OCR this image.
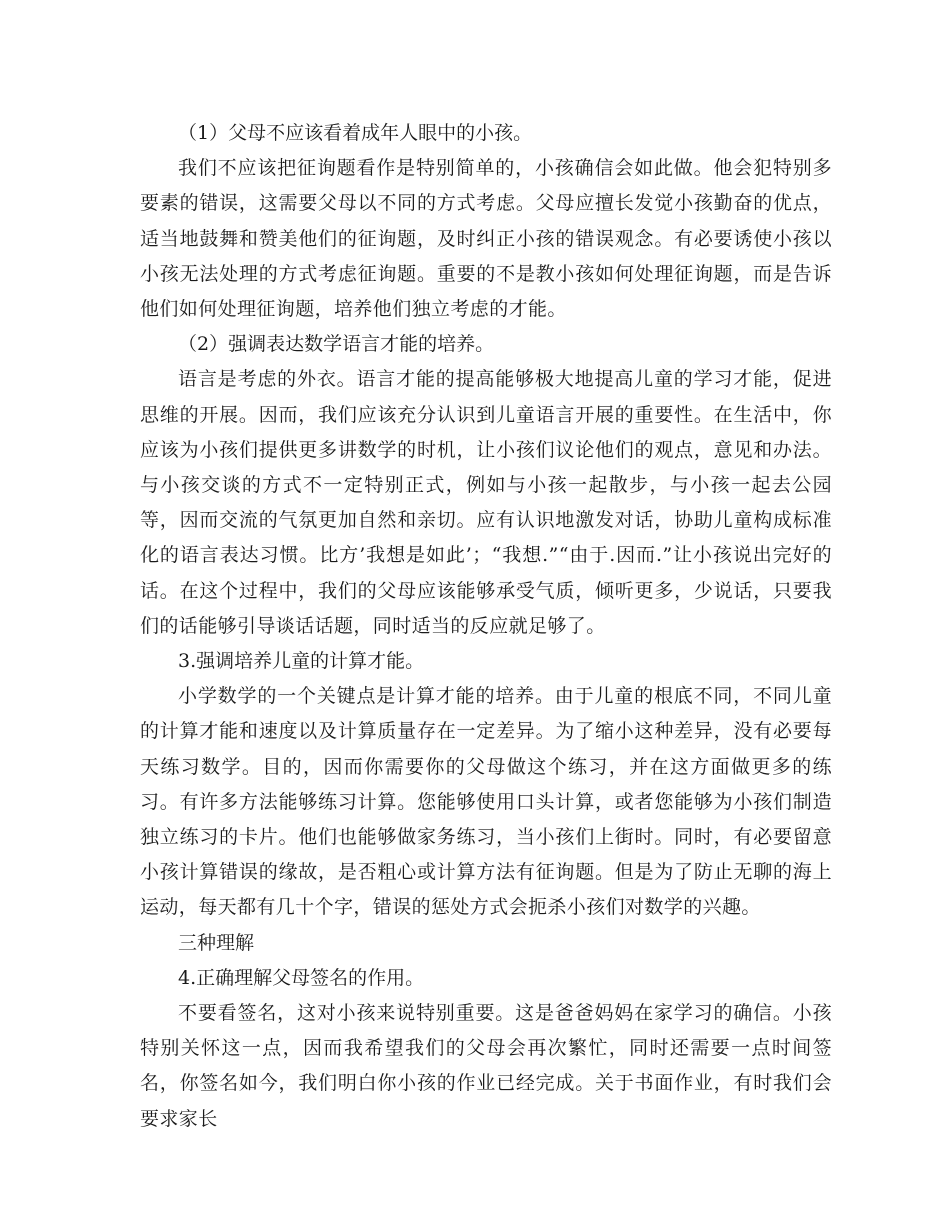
（1）父母不应该看着成年人眼中的小孩。

我们不应该把征询题看作是特别简单的，小孩确信会如此做。他会犯特别多要素的错误，这需要父母以不同的方式考虑。父母应擅长发觉小孩勤奋的优点，适当地鼓舞和赞美他们的征询题，及时纠正小孩的错误观念。有必要诱使小孩以小孩无法处理的方式考虑征询题。重要的不是教小孩如何处理征询题，而是告诉他们如何处理征询题，培养他们独立考虑的才能。

（2）强调表达数学语言才能的培养。

语言是考虑的外衣。语言才能的提高能够极大地提高儿童的学习才能，促进思维的开展。因而，我们应该充分认识到儿童语言开展的重要性。在生活中，你应该为小孩们提供更多讲数学的时机，让小孩们议论他们的观点，意见和办法。与小孩交谈的方式不一定特别正式，例如与小孩一起散步，与小孩一起去公园等，因而交流的气氛更加自然和亲切。应有认识地激发对话，协助儿童构成标准化的语言表达习惯。比方’我想是如此’；“我想.”“由于.因而.”让小孩说出完好的话。在这个过程中，我们的父母应该能够承受气质，倾听更多，少说话，只要我们的话能够引导谈话话题，同时适当的反应就足够了。

3.强调培养儿童的计算才能。

小学数学的一个关键点是计算才能的培养。由于儿童的根底不同，不同儿童的计算才能和速度以及计算质量存在一定差异。为了缩小这种差异，没有必要每天练习数学。目的，因而你需要你的父母做这个练习，并在这方面做更多的练习。有许多方法能够练习计算。您能够使用口头计算，或者您能够为小孩们制造独立练习的卡片。他们也能够做家务练习，当小孩们上街时。同时，有必要留意小孩计算错误的缘故，是否粗心或计算方法有征询题。但是为了防止无聊的海上运动，每天都有几十个字，错误的惩处方式会扼杀小孩们对数学的兴趣。

三种理解

4.正确理解父母签名的作用。

不要看签名，这对小孩来说特别重要。这是爸爸妈妈在家学习的确信。小孩特别关怀这一点，因而我希望我们的父母会再次繁忙，同时还需要一点时间签名，你签名如今，我们明白你小孩的作业已经完成。关于书面作业，有时我们会要求家长
